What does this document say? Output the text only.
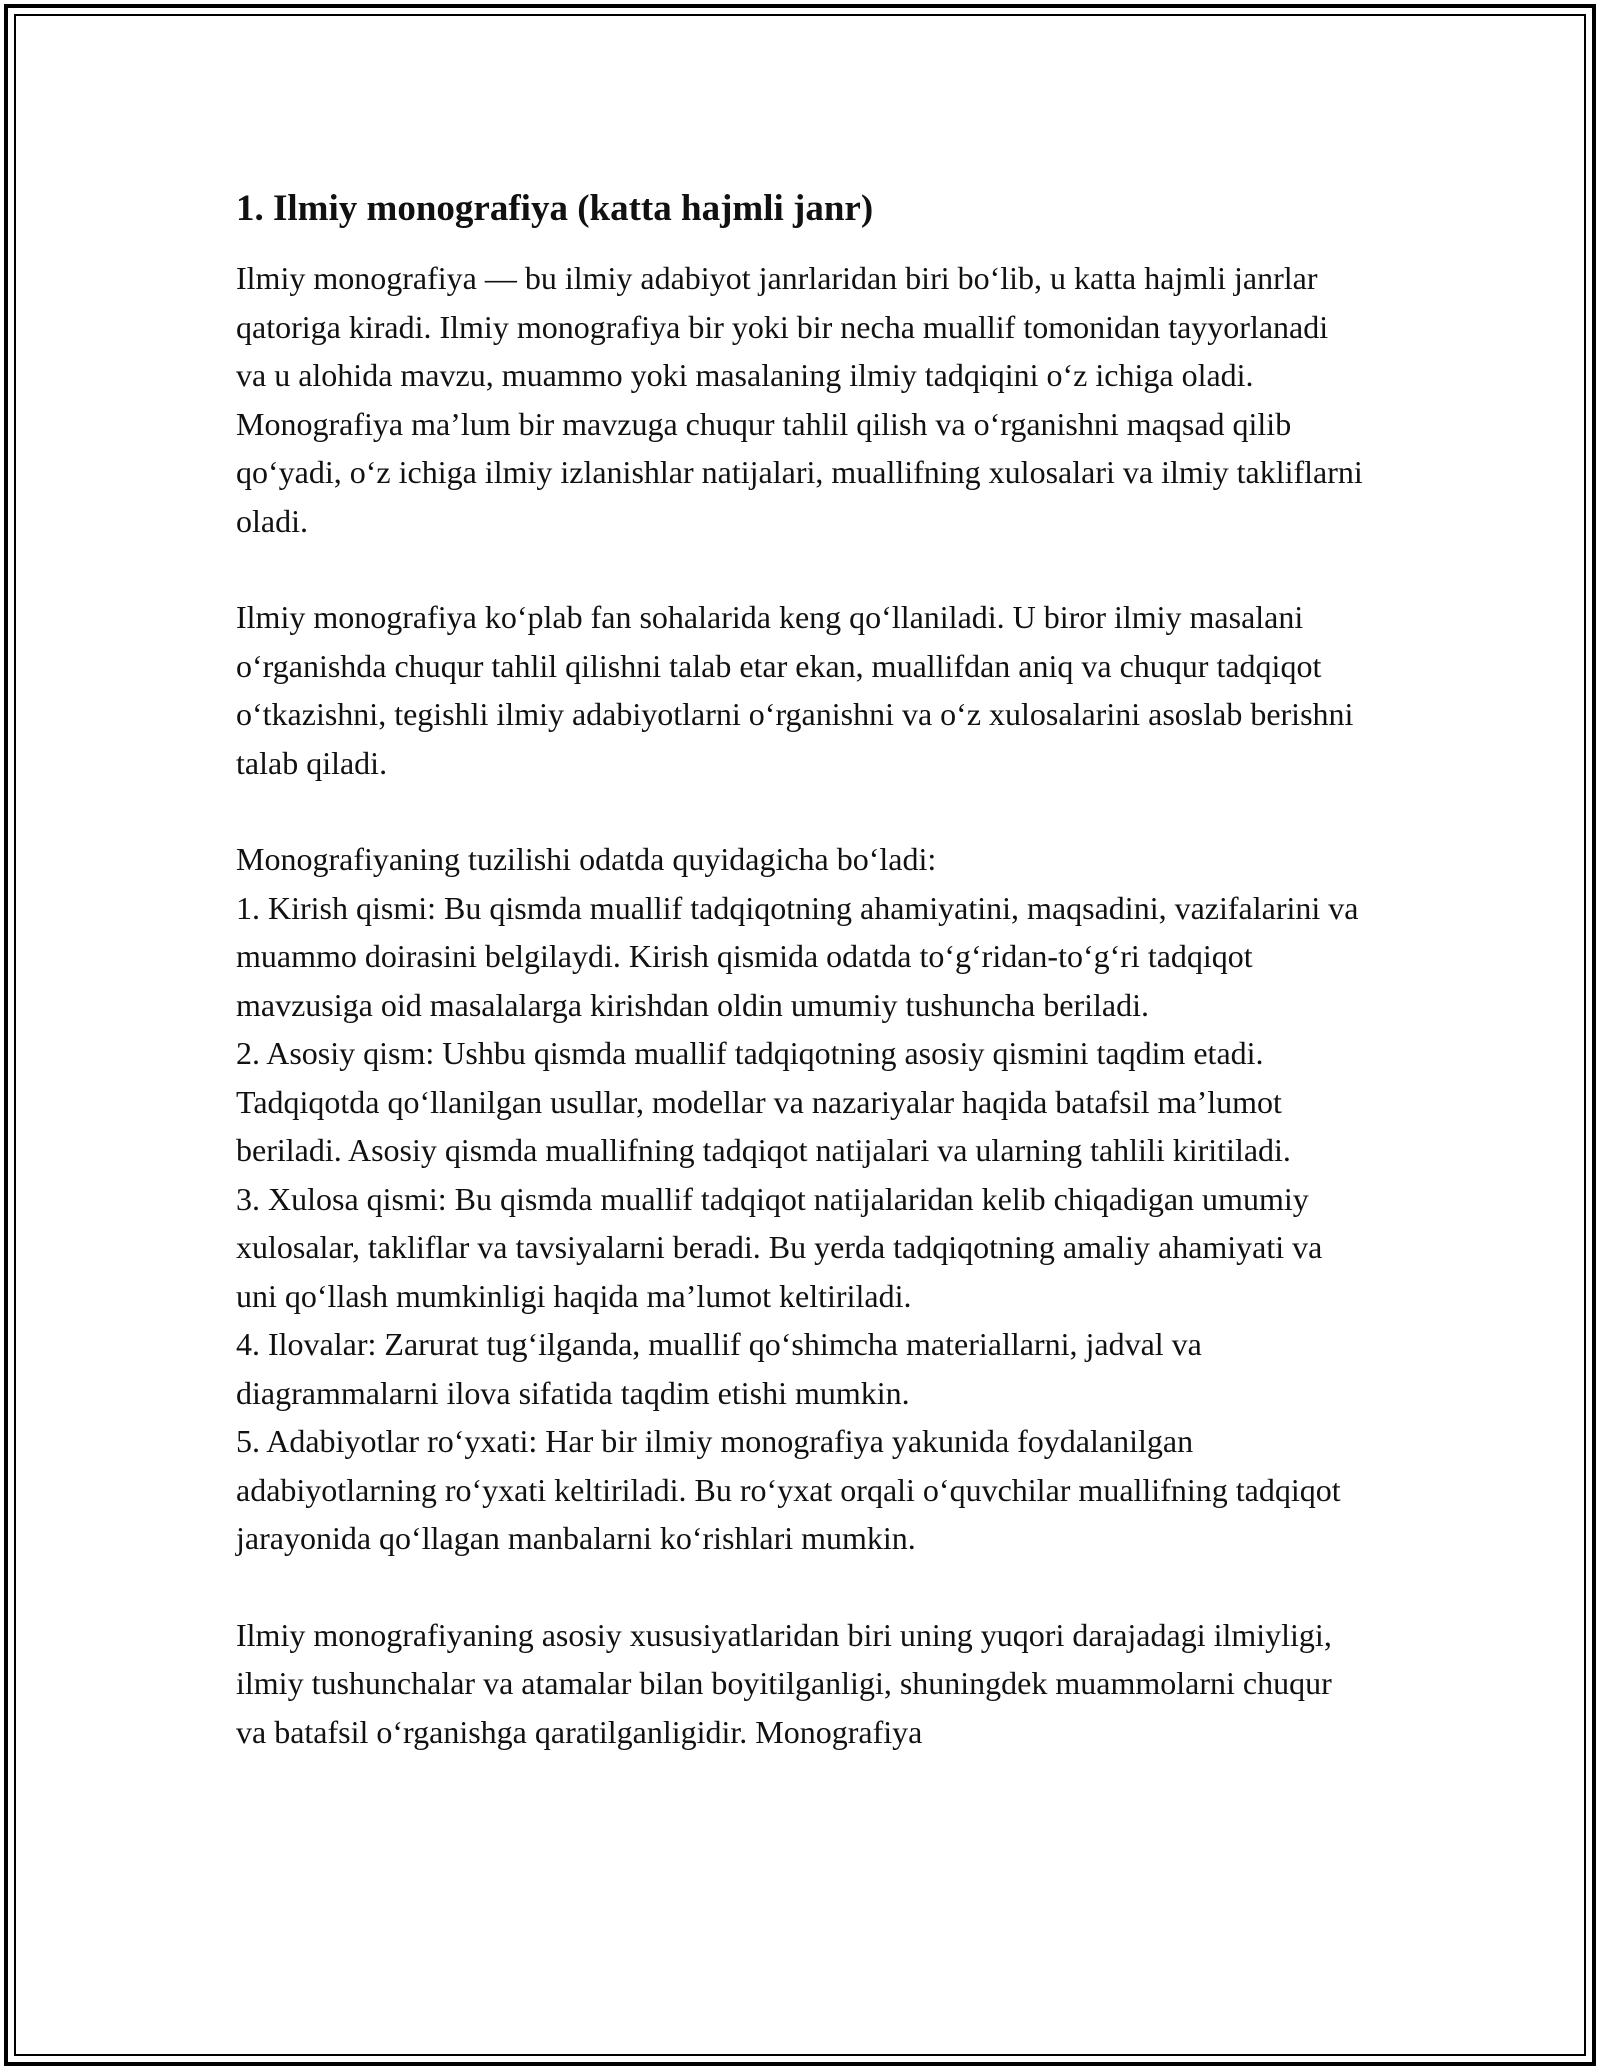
1. Ilmiy monografiya (katta hajmli janr)

Ilmiy monografiya — bu ilmiy adabiyot janrlaridan biri bo‘lib, u katta hajmli janrlar qatoriga kiradi. Ilmiy monografiya bir yoki bir necha muallif tomonidan tayyorlanadi va u alohida mavzu, muammo yoki masalaning ilmiy tadqiqini o‘z ichiga oladi. Monografiya ma’lum bir mavzuga chuqur tahlil qilish va o‘rganishni maqsad qilib qo‘yadi, o‘z ichiga ilmiy izlanishlar natijalari, muallifning xulosalari va ilmiy takliflarni oladi.

Ilmiy monografiya ko‘plab fan sohalarida keng qo‘llaniladi. U biror ilmiy masalani o‘rganishda chuqur tahlil qilishni talab etar ekan, muallifdan aniq va chuqur tadqiqot o‘tkazishni, tegishli ilmiy adabiyotlarni o‘rganishni va o‘z xulosalarini asoslab berishni talab qiladi.

Monografiyaning tuzilishi odatda quyidagicha bo‘ladi:

1. Kirish qismi: Bu qismda muallif tadqiqotning ahamiyatini, maqsadini, vazifalarini va muammo doirasini belgilaydi. Kirish qismida odatda to‘g‘ridan-to‘g‘ri tadqiqot mavzusiga oid masalalarga kirishdan oldin umumiy tushuncha beriladi.

2. Asosiy qism: Ushbu qismda muallif tadqiqotning asosiy qismini taqdim etadi. Tadqiqotda qo‘llanilgan usullar, modellar va nazariyalar haqida batafsil ma’lumot beriladi. Asosiy qismda muallifning tadqiqot natijalari va ularning tahlili kiritiladi.

3. Xulosa qismi: Bu qismda muallif tadqiqot natijalaridan kelib chiqadigan umumiy xulosalar, takliflar va tavsiyalarni beradi. Bu yerda tadqiqotning amaliy ahamiyati va uni qo‘llash mumkinligi haqida ma’lumot keltiriladi.

4. Ilovalar: Zarurat tug‘ilganda, muallif qo‘shimcha materiallarni, jadval va diagrammalarni ilova sifatida taqdim etishi mumkin.

5. Adabiyotlar ro‘yxati: Har bir ilmiy monografiya yakunida foydalanilgan adabiyotlarning ro‘yxati keltiriladi. Bu ro‘yxat orqali o‘quvchilar muallifning tadqiqot jarayonida qo‘llagan manbalarni ko‘rishlari mumkin.

Ilmiy monografiyaning asosiy xususiyatlaridan biri uning yuqori darajadagi ilmiyligi, ilmiy tushunchalar va atamalar bilan boyitilganligi, shuningdek muammolarni chuqur va batafsil o‘rganishga qaratilganligidir. Monografiya
